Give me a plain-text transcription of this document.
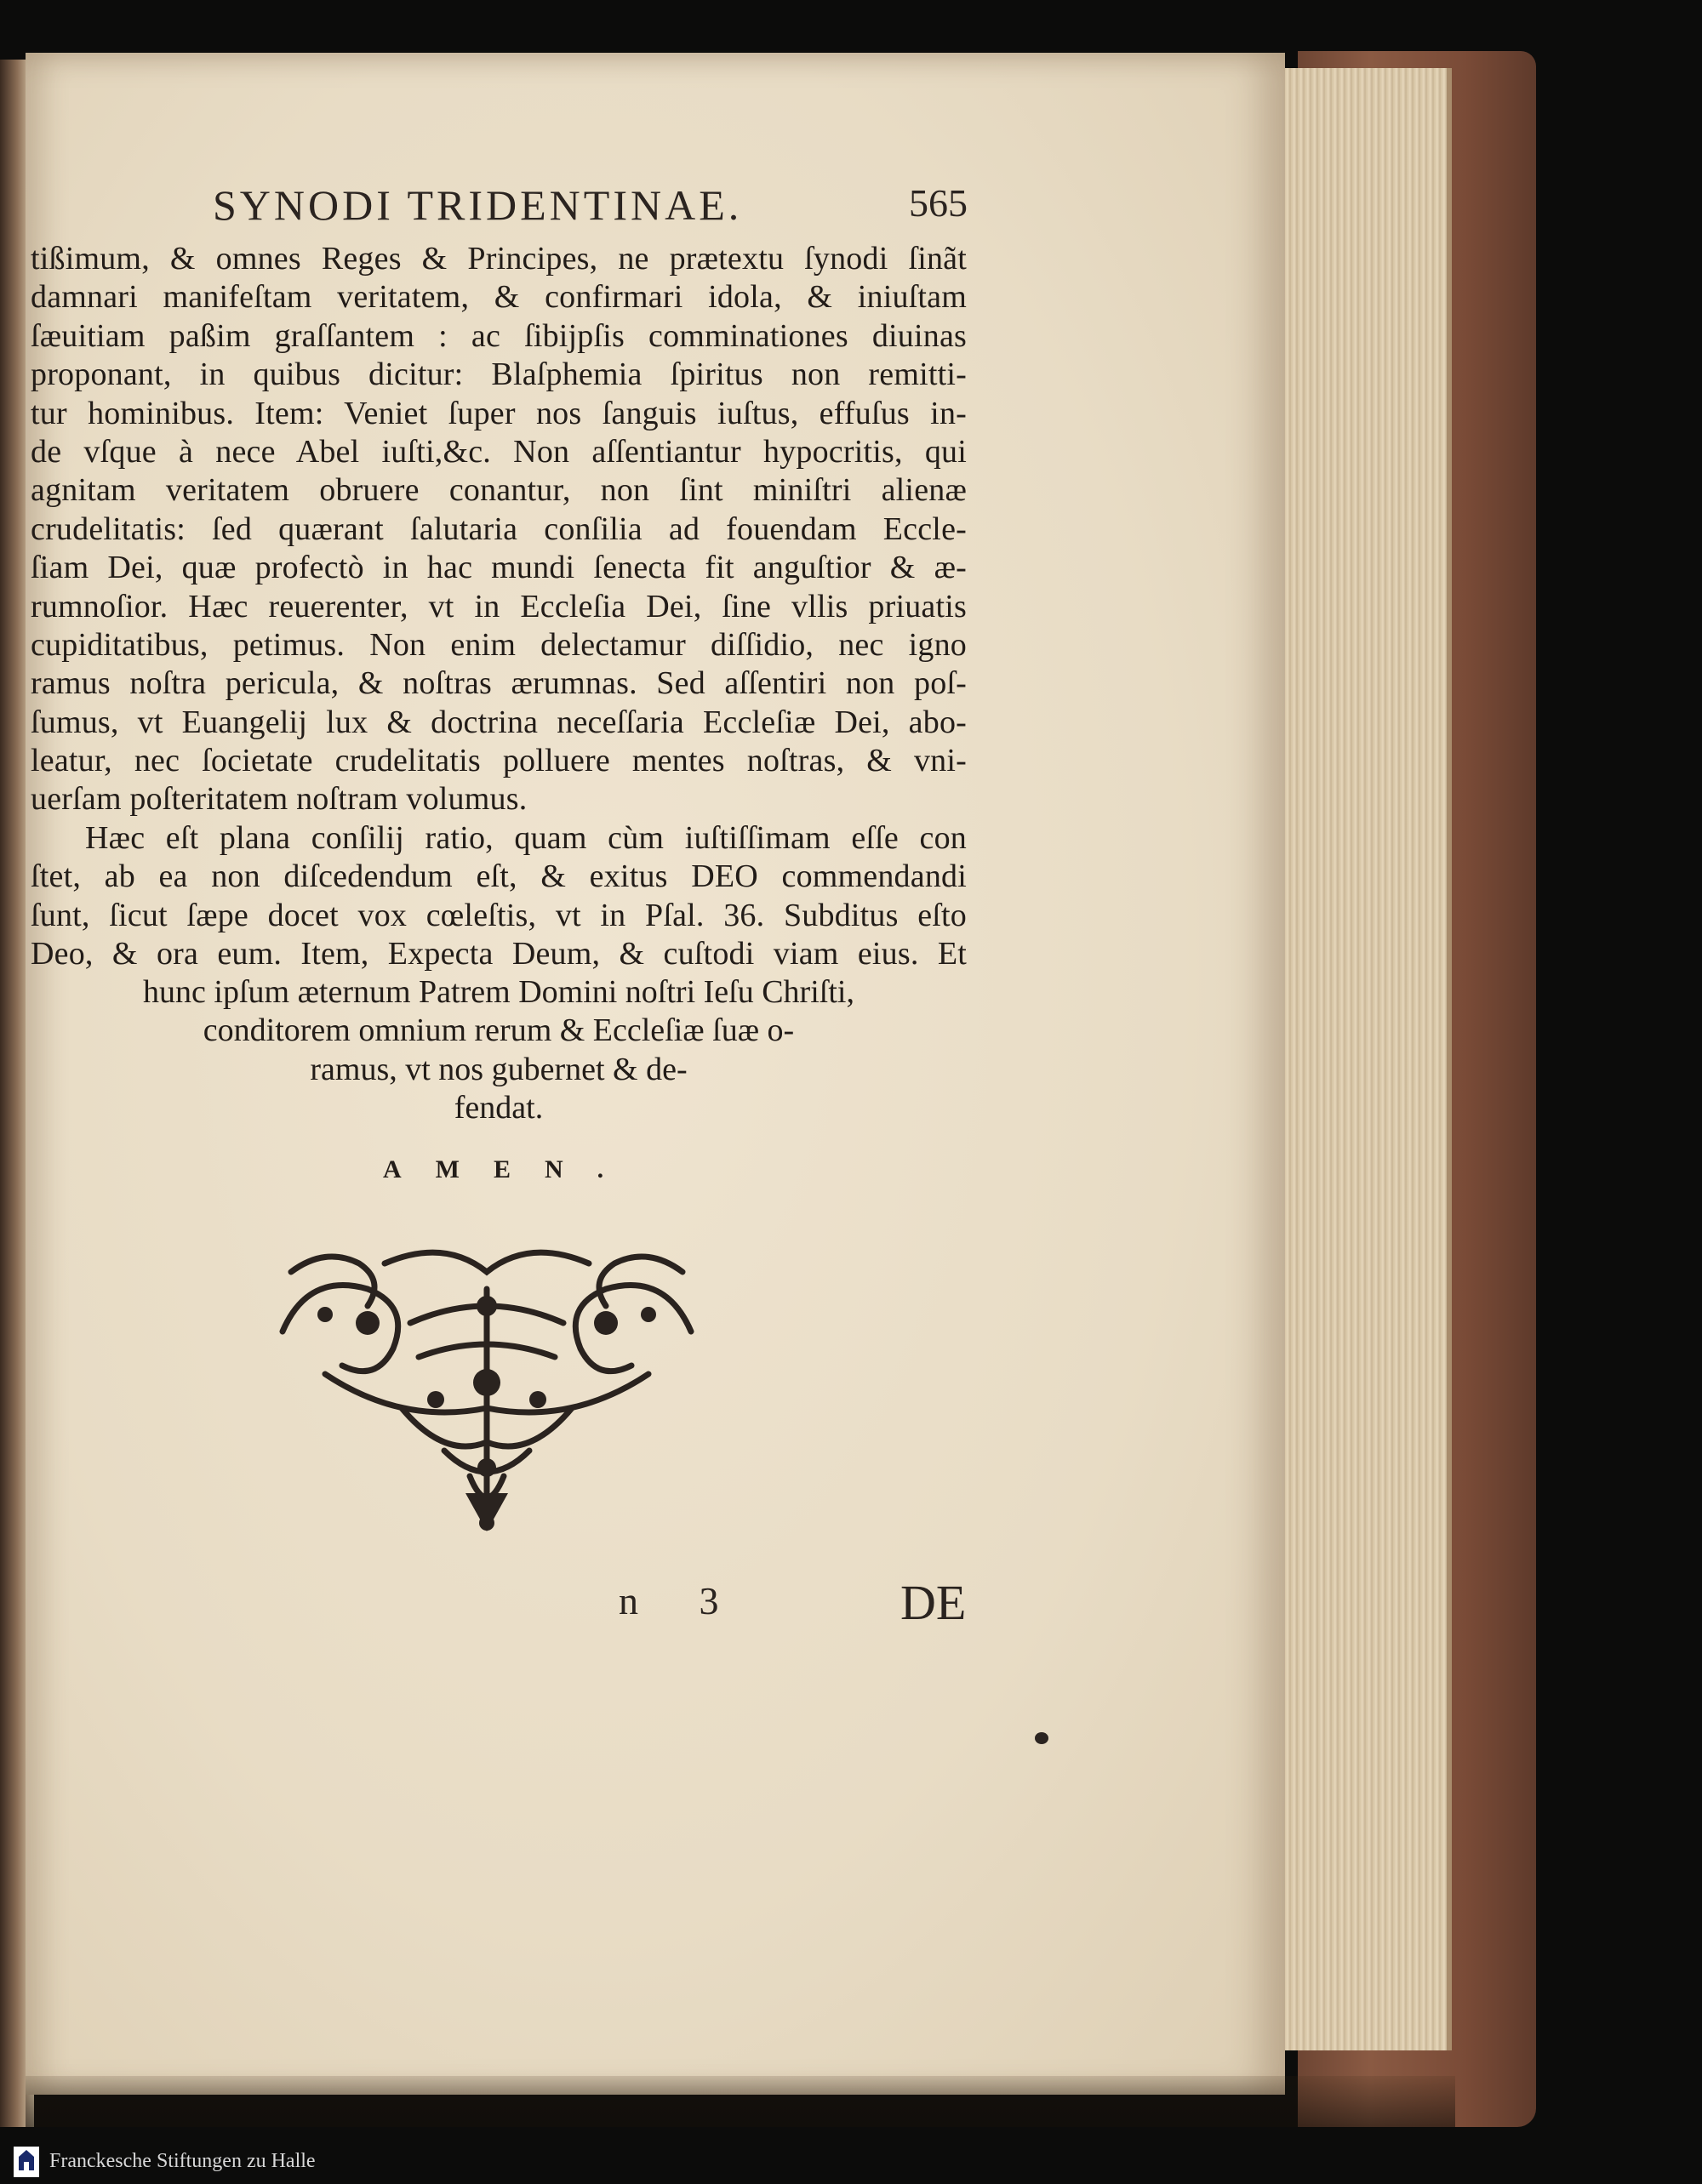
SYNODI TRIDENTINAE.	565
tißimum, & omnes Reges & Principes, ne prætextu ſynodi ſinãt
damnari manifeſtam veritatem, & confirmari idola, & iniuſtam
ſæuitiam paßim graſſantem : ac ſibijpſis comminationes diuinas
proponant, in quibus dicitur: Blaſphemia ſpiritus non remitti-
tur hominibus. Item: Veniet ſuper nos ſanguis iuſtus, effuſus in-
de vſque à nece Abel iuſti,&c. Non aſſentiantur hypocritis, qui
agnitam veritatem obruere conantur, non ſint miniſtri alienæ
crudelitatis: ſed quærant ſalutaria conſilia ad fouendam Eccle-
ſiam Dei, quæ profectò in hac mundi ſenecta fit anguſtior & æ-
rumnoſior. Hæc reuerenter, vt in Eccleſia Dei, ſine vllis priuatis
cupiditatibus, petimus. Non enim delectamur diſſidio, nec igno
ramus noſtra pericula, & noſtras ærumnas. Sed aſſentiri non poſ-
ſumus, vt Euangelij lux & doctrina neceſſaria Eccleſiæ Dei, abo-
leatur, nec ſocietate crudelitatis polluere mentes noſtras, & vni-
uerſam poſteritatem noſtram volumus.
Hæc eſt plana conſilij ratio, quam cùm iuſtiſſimam eſſe con
ſtet, ab ea non diſcedendum eſt, & exitus DEO commendandi
ſunt, ſicut ſæpe docet vox cœleſtis, vt in Pſal. 36. Subditus eſto
Deo, & ora eum. Item, Expecta Deum, & cuſtodi viam eius. Et
hunc ipſum æternum Patrem Domini noſtri Ieſu Chriſti,
conditorem omnium rerum & Eccleſiæ ſuæ o-
ramus, vt nos gubernet & de-
fendat.
AMEN.
n 3	DE
Franckesche Stiftungen zu Halle
